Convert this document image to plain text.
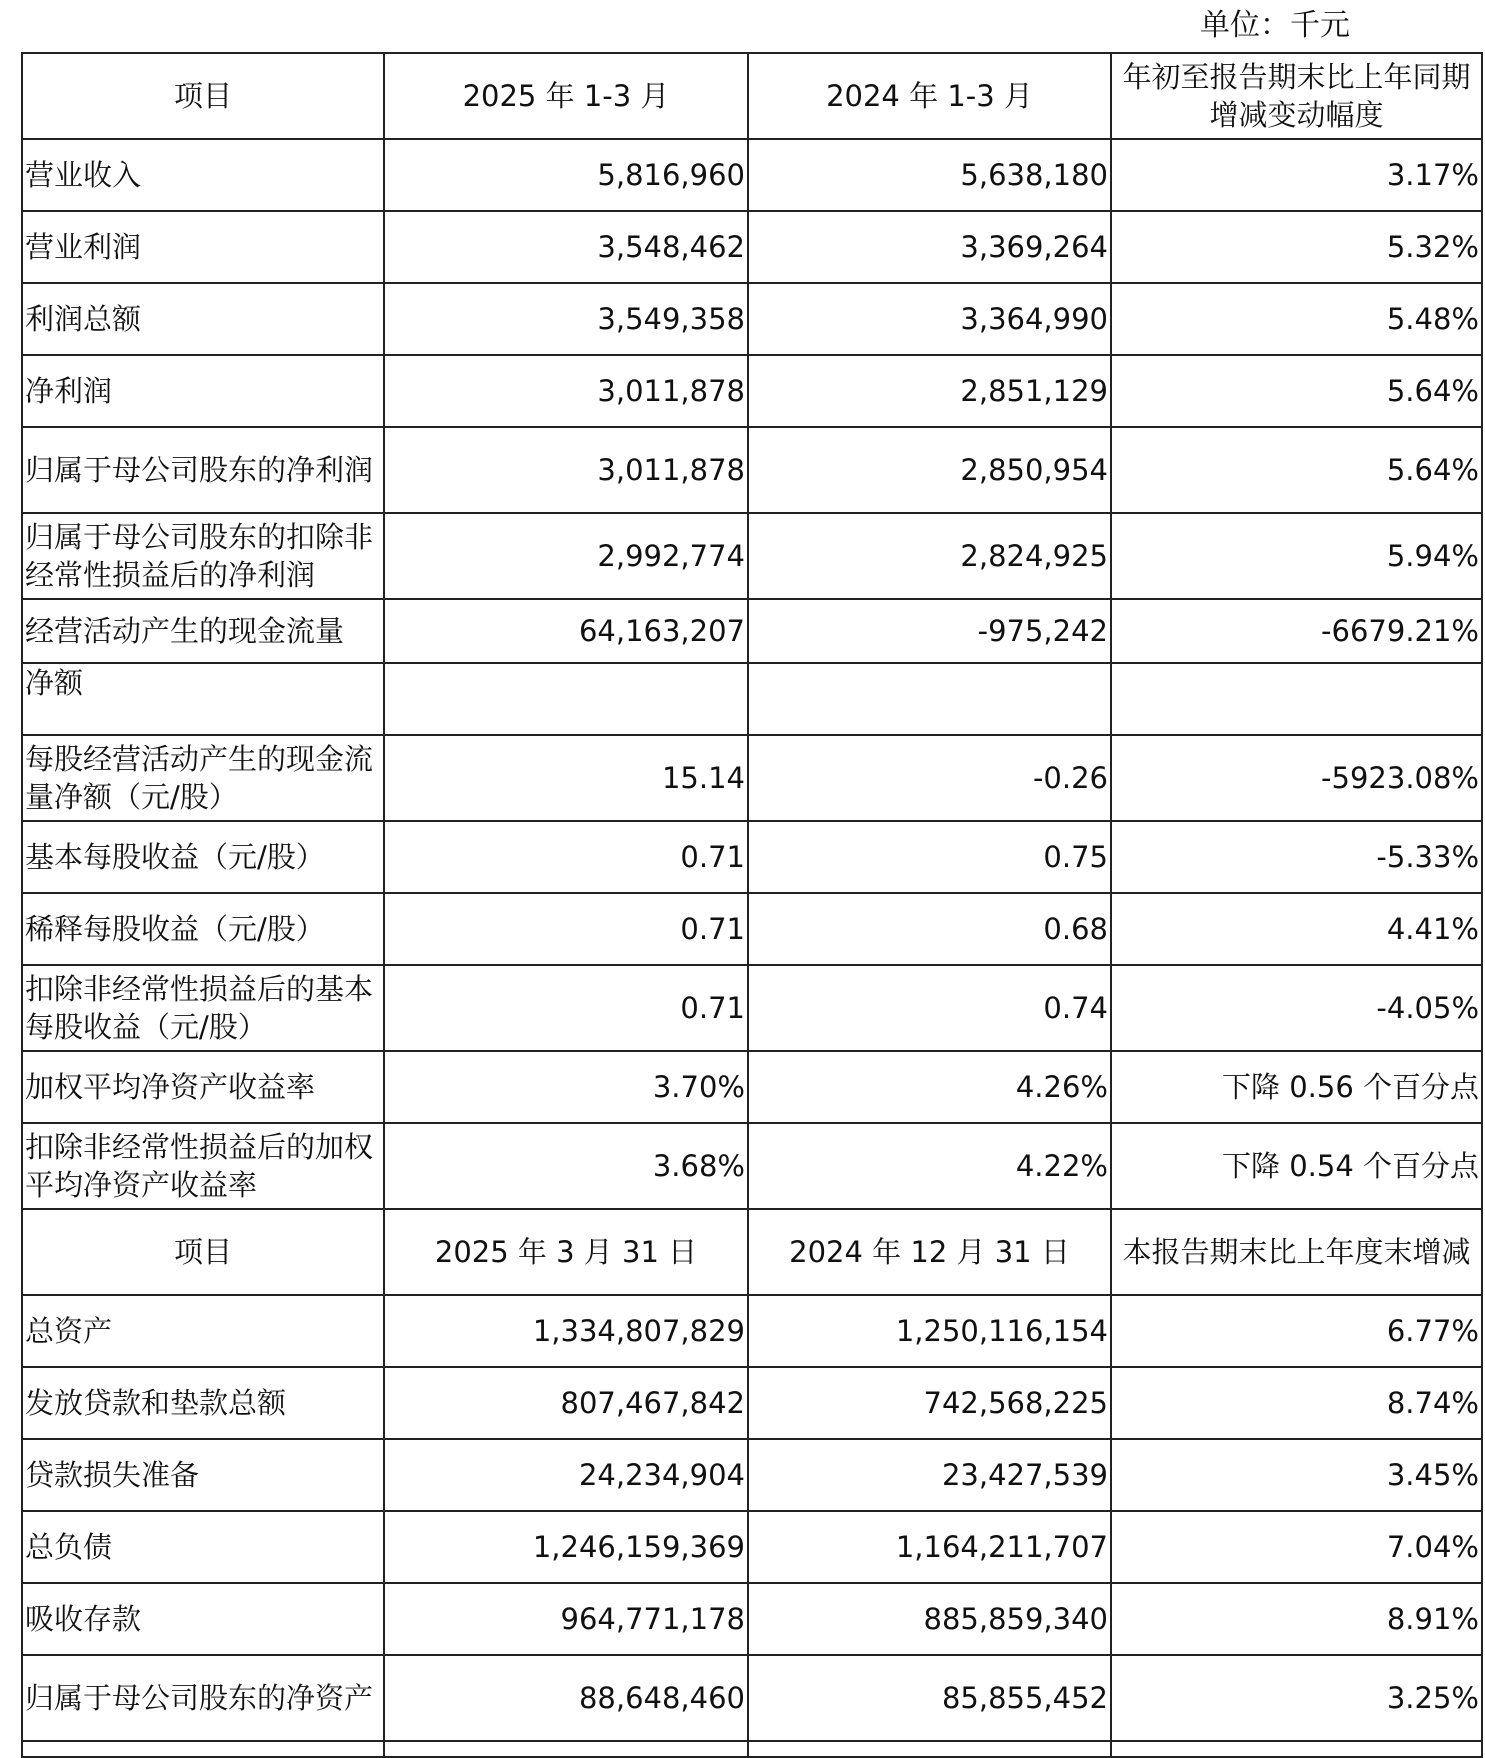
单位：千元
项目	2025 年 1-3 月	2024 年 1-3 月	年初至报告期末比上年同期增减变动幅度
营业收入	5,816,960	5,638,180	3.17%
营业利润	3,548,462	3,369,264	5.32%
利润总额	3,549,358	3,364,990	5.48%
净利润	3,011,878	2,851,129	5.64%
归属于母公司股东的净利润	3,011,878	2,850,954	5.64%
归属于母公司股东的扣除非经常性损益后的净利润	2,992,774	2,824,925	5.94%
经营活动产生的现金流量	64,163,207	-975,242	-6679.21%
净额			
每股经营活动产生的现金流量净额（元/股）	15.14	-0.26	-5923.08%
基本每股收益（元/股）	0.71	0.75	-5.33%
稀释每股收益（元/股）	0.71	0.68	4.41%
扣除非经常性损益后的基本每股收益（元/股）	0.71	0.74	-4.05%
加权平均净资产收益率	3.70%	4.26%	下降 0.56 个百分点
扣除非经常性损益后的加权平均净资产收益率	3.68%	4.22%	下降 0.54 个百分点
项目	2025 年 3 月 31 日	2024 年 12 月 31 日	本报告期末比上年度末增减
总资产	1,334,807,829	1,250,116,154	6.77%
发放贷款和垫款总额	807,467,842	742,568,225	8.74%
贷款损失准备	24,234,904	23,427,539	3.45%
总负债	1,246,159,369	1,164,211,707	7.04%
吸收存款	964,771,178	885,859,340	8.91%
归属于母公司股东的净资产	88,648,460	85,855,452	3.25%
